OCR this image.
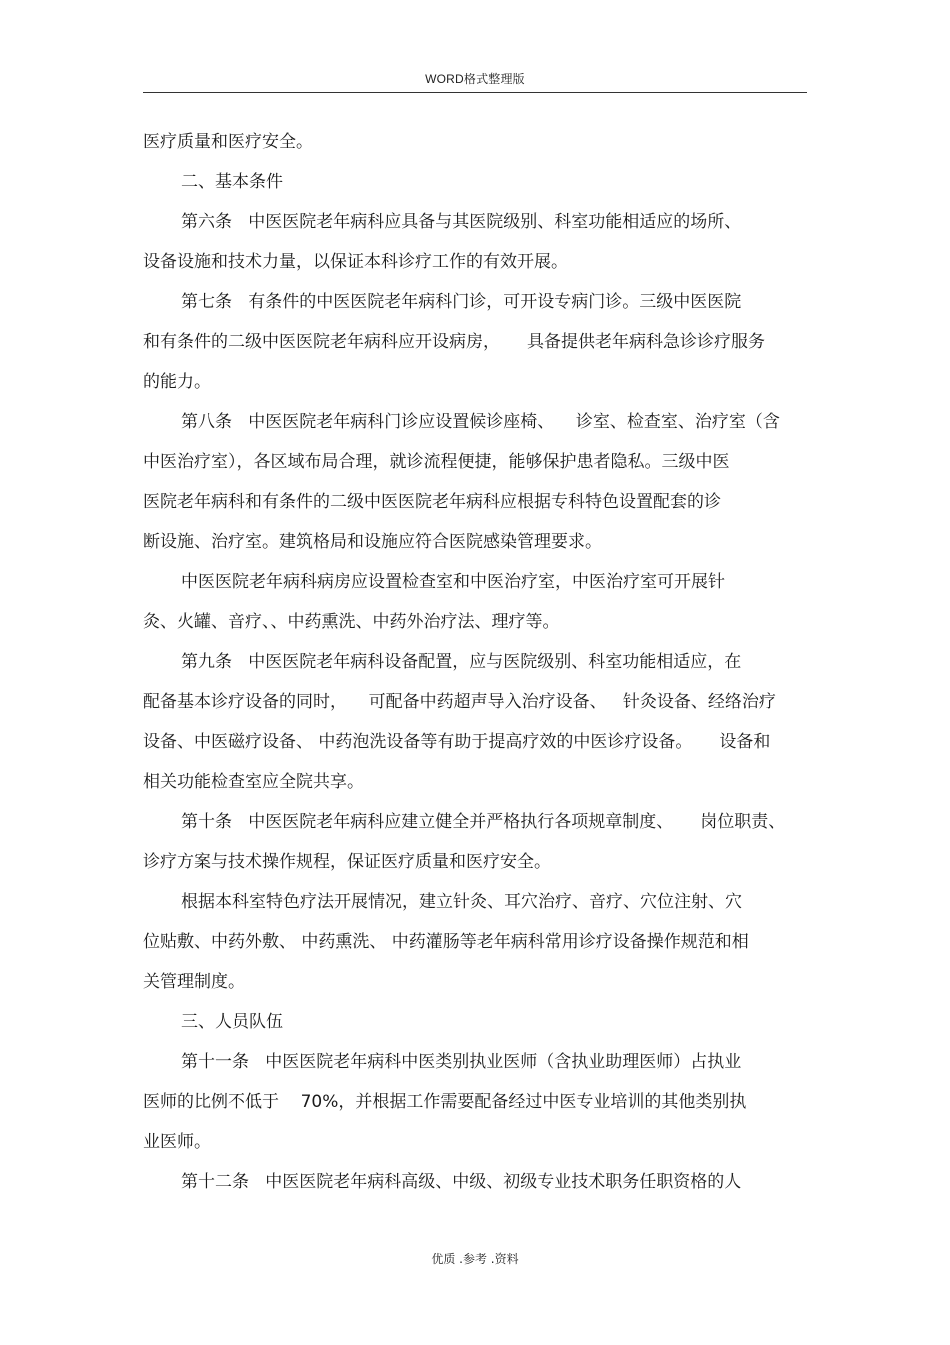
WORD格式整理版
医疗质量和医疗安全。
二、基本条件
第六条   中医医院老年病科应具备与其医院级别、科室功能相适应的场所、
设备设施和技术力量，以保证本科诊疗工作的有效开展。
第七条   有条件的中医医院老年病科门诊，可开设专病门诊。三级中医医院
和有条件的二级中医医院老年病科应开设病房，     具备提供老年病科急诊诊疗服务
的能力。
第八条   中医医院老年病科门诊应设置候诊座椅、    诊室、检查室、治疗室（含
中医治疗室），各区域布局合理，就诊流程便捷，能够保护患者隐私。三级中医
医院老年病科和有条件的二级中医医院老年病科应根据专科特色设置配套的诊
断设施、治疗室。建筑格局和设施应符合医院感染管理要求。
中医医院老年病科病房应设置检查室和中医治疗室，中医治疗室可开展针
灸、火罐、音疗、、中药熏洗、中药外治疗法、理疗等。
第九条   中医医院老年病科设备配置，应与医院级别、科室功能相适应，在
配备基本诊疗设备的同时，    可配备中药超声导入治疗设备、   针灸设备、经络治疗
设备、中医磁疗设备、 中药泡洗设备等有助于提高疗效的中医诊疗设备。     设备和
相关功能检查室应全院共享。
第十条   中医医院老年病科应建立健全并严格执行各项规章制度、     岗位职责、
诊疗方案与技术操作规程，保证医疗质量和医疗安全。
根据本科室特色疗法开展情况，建立针灸、耳穴治疗、音疗、穴位注射、穴
位贴敷、中药外敷、 中药熏洗、 中药灌肠等老年病科常用诊疗设备操作规范和相
关管理制度。
三、人员队伍
第十一条   中医医院老年病科中医类别执业医师（含执业助理医师）占执业
医师的比例不低于    70%，并根据工作需要配备经过中医专业培训的其他类别执
业医师。
第十二条   中医医院老年病科高级、中级、初级专业技术职务任职资格的人
优质 .参考 .资料
